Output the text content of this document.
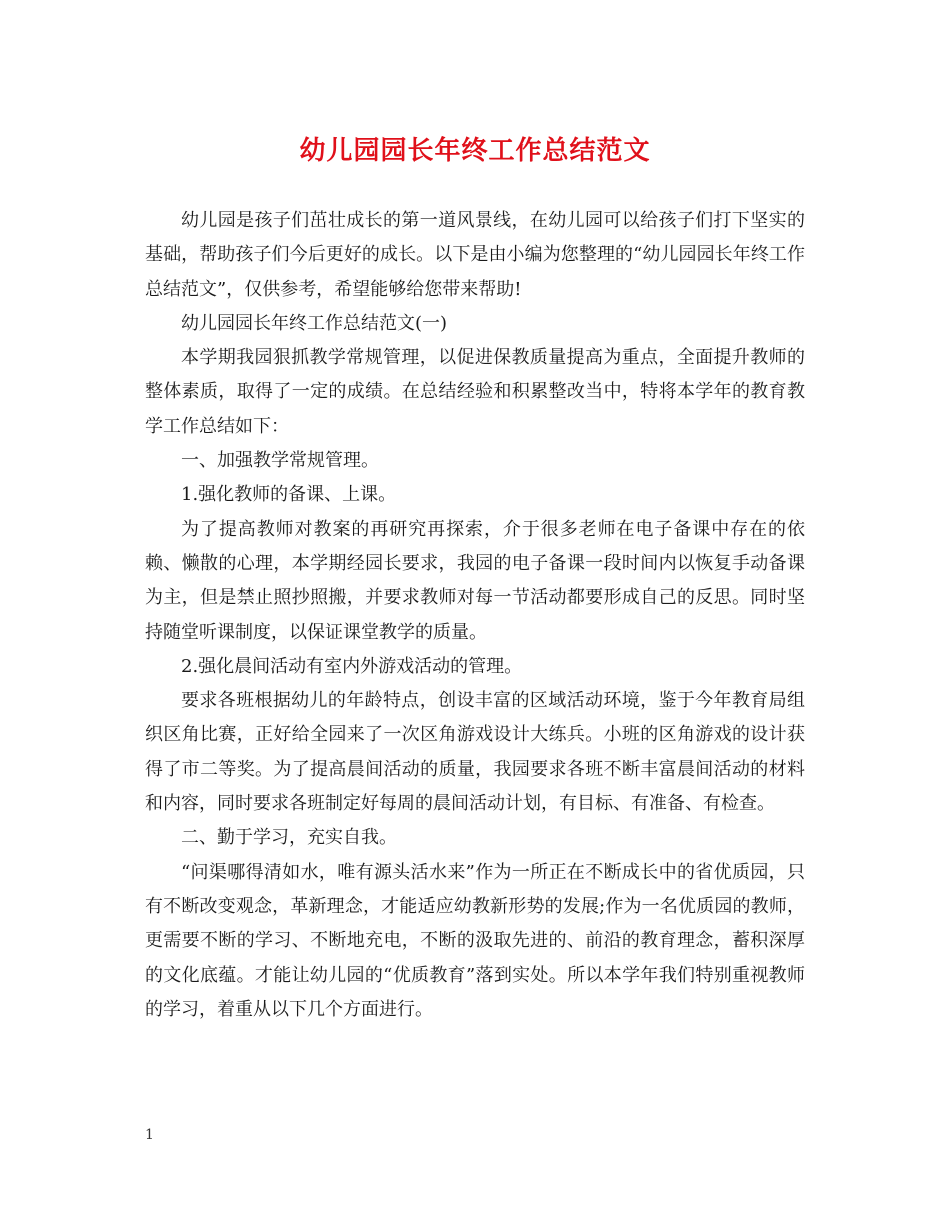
幼儿园园长年终工作总结范文

幼儿园是孩子们茁壮成长的第一道风景线，在幼儿园可以给孩子们打下坚实的基础，帮助孩子们今后更好的成长。以下是由小编为您整理的“幼儿园园长年终工作总结范文”，仅供参考，希望能够给您带来帮助!

幼儿园园长年终工作总结范文(一)

本学期我园狠抓教学常规管理，以促进保教质量提高为重点，全面提升教师的整体素质，取得了一定的成绩。在总结经验和积累整改当中，特将本学年的教育教学工作总结如下：

一、加强教学常规管理。

1.强化教师的备课、上课。

为了提高教师对教案的再研究再探索，介于很多老师在电子备课中存在的依赖、懒散的心理，本学期经园长要求，我园的电子备课一段时间内以恢复手动备课为主，但是禁止照抄照搬，并要求教师对每一节活动都要形成自己的反思。同时坚持随堂听课制度，以保证课堂教学的质量。

2.强化晨间活动有室内外游戏活动的管理。

要求各班根据幼儿的年龄特点，创设丰富的区域活动环境，鉴于今年教育局组织区角比赛，正好给全园来了一次区角游戏设计大练兵。小班的区角游戏的设计获得了市二等奖。为了提高晨间活动的质量，我园要求各班不断丰富晨间活动的材料和内容，同时要求各班制定好每周的晨间活动计划，有目标、有准备、有检查。

二、勤于学习，充实自我。

“问渠哪得清如水，唯有源头活水来”作为一所正在不断成长中的省优质园，只有不断改变观念，革新理念，才能适应幼教新形势的发展;作为一名优质园的教师，更需要不断的学习、不断地充电，不断的汲取先进的、前沿的教育理念，蓄积深厚的文化底蕴。才能让幼儿园的“优质教育”落到实处。所以本学年我们特别重视教师的学习，着重从以下几个方面进行。

1
